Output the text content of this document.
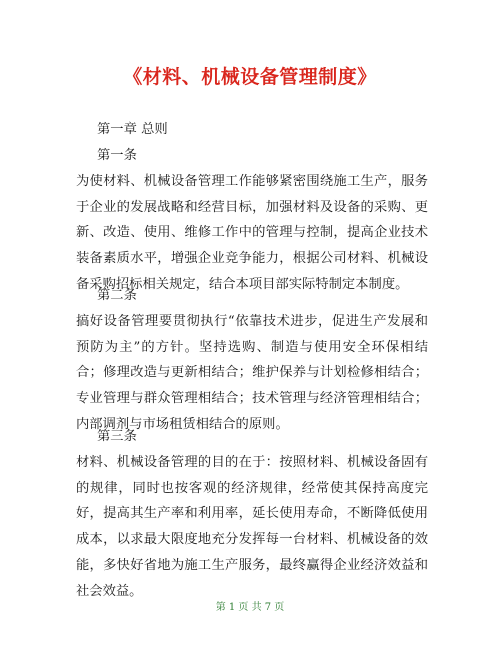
《材料、机械设备管理制度》
第一章 总则
第一条
为使材料、机械设备管理工作能够紧密围绕施工生产，服务于企业的发展战略和经营目标，加强材料及设备的采购、更新、改造、使用、维修工作中的管理与控制，提高企业技术装备素质水平，增强企业竞争能力，根据公司材料、机械设备采购招标相关规定，结合本项目部实际特制定本制度。
第二条
搞好设备管理要贯彻执行“依靠技术进步，促进生产发展和预防为主”的方针。坚持选购、制造与使用安全环保相结合；修理改造与更新相结合；维护保养与计划检修相结合；专业管理与群众管理相结合；技术管理与经济管理相结合；内部调剂与市场租赁相结合的原则。
第三条
材料、机械设备管理的目的在于：按照材料、机械设备固有的规律，同时也按客观的经济规律，经常使其保持高度完好，提高其生产率和利用率，延长使用寿命，不断降低使用成本，以求最大限度地充分发挥每一台材料、机械设备的效能，多快好省地为施工生产服务，最终赢得企业经济效益和社会效益。
第 1 页 共 7 页
